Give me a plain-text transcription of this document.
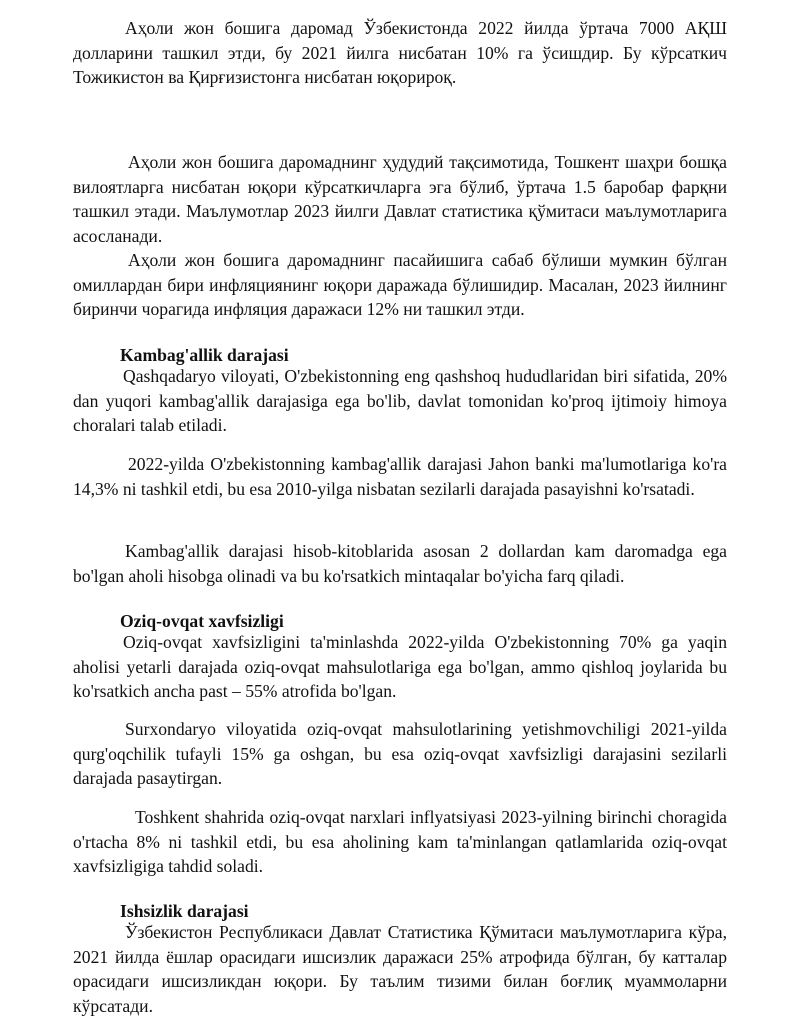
Аҳоли жон бошига даромад Ўзбекистонда 2022 йилда ўртача 7000 АҚШ долларини ташкил этди, бу 2021 йилга нисбатан 10% га ўсишдир. Бу кўрсаткич Тожикистон ва Қирғизистонга нисбатан юқорироқ.

Аҳоли жон бошига даромаднинг ҳудудий тақсимотида, Тошкент шаҳри бошқа вилоятларга нисбатан юқори кўрсаткичларга эга бўлиб, ўртача 1.5 баробар фарқни ташкил этади. Маълумотлар 2023 йилги Давлат статистика қўмитаси маълумотларига асосланади.

Аҳоли жон бошига даромаднинг пасайишига сабаб бўлиши мумкин бўлган омиллардан бири инфляциянинг юқори даражада бўлишидир. Масалан, 2023 йилнинг биринчи чорагида инфляция даражаси 12% ни ташкил этди.

Kambag'allik darajasi

Qashqadaryo viloyati, O'zbekistonning eng qashshoq hududlaridan biri sifatida, 20% dan yuqori kambag'allik darajasiga ega bo'lib, davlat tomonidan ko'proq ijtimoiy himoya choralari talab etiladi.

2022-yilda O'zbekistonning kambag'allik darajasi Jahon banki ma'lumotlariga ko'ra 14,3% ni tashkil etdi, bu esa 2010-yilga nisbatan sezilarli darajada pasayishni ko'rsatadi.

Kambag'allik darajasi hisob-kitoblarida asosan 2 dollardan kam daromadga ega bo'lgan aholi hisobga olinadi va bu ko'rsatkich mintaqalar bo'yicha farq qiladi.

Oziq-ovqat xavfsizligi

Oziq-ovqat xavfsizligini ta'minlashda 2022-yilda O'zbekistonning 70% ga yaqin aholisi yetarli darajada oziq-ovqat mahsulotlariga ega bo'lgan, ammo qishloq joylarida bu ko'rsatkich ancha past – 55% atrofida bo'lgan.

Surxondaryo viloyatida oziq-ovqat mahsulotlarining yetishmovchiligi 2021-yilda qurg'oqchilik tufayli 15% ga oshgan, bu esa oziq-ovqat xavfsizligi darajasini sezilarli darajada pasaytirgan.

Toshkent shahrida oziq-ovqat narxlari inflyatsiyasi 2023-yilning birinchi choragida o'rtacha 8% ni tashkil etdi, bu esa aholining kam ta'minlangan qatlamlarida oziq-ovqat xavfsizligiga tahdid soladi.

Ishsizlik darajasi

Ўзбекистон Республикаси Давлат Статистика Қўмитаси маълумотларига кўра, 2021 йилда ёшлар орасидаги ишсизлик даражаси 25% атрофида бўлган, бу катталар орасидаги ишсизликдан юқори. Бу таълим тизими билан боғлиқ муаммоларни кўрсатади.
